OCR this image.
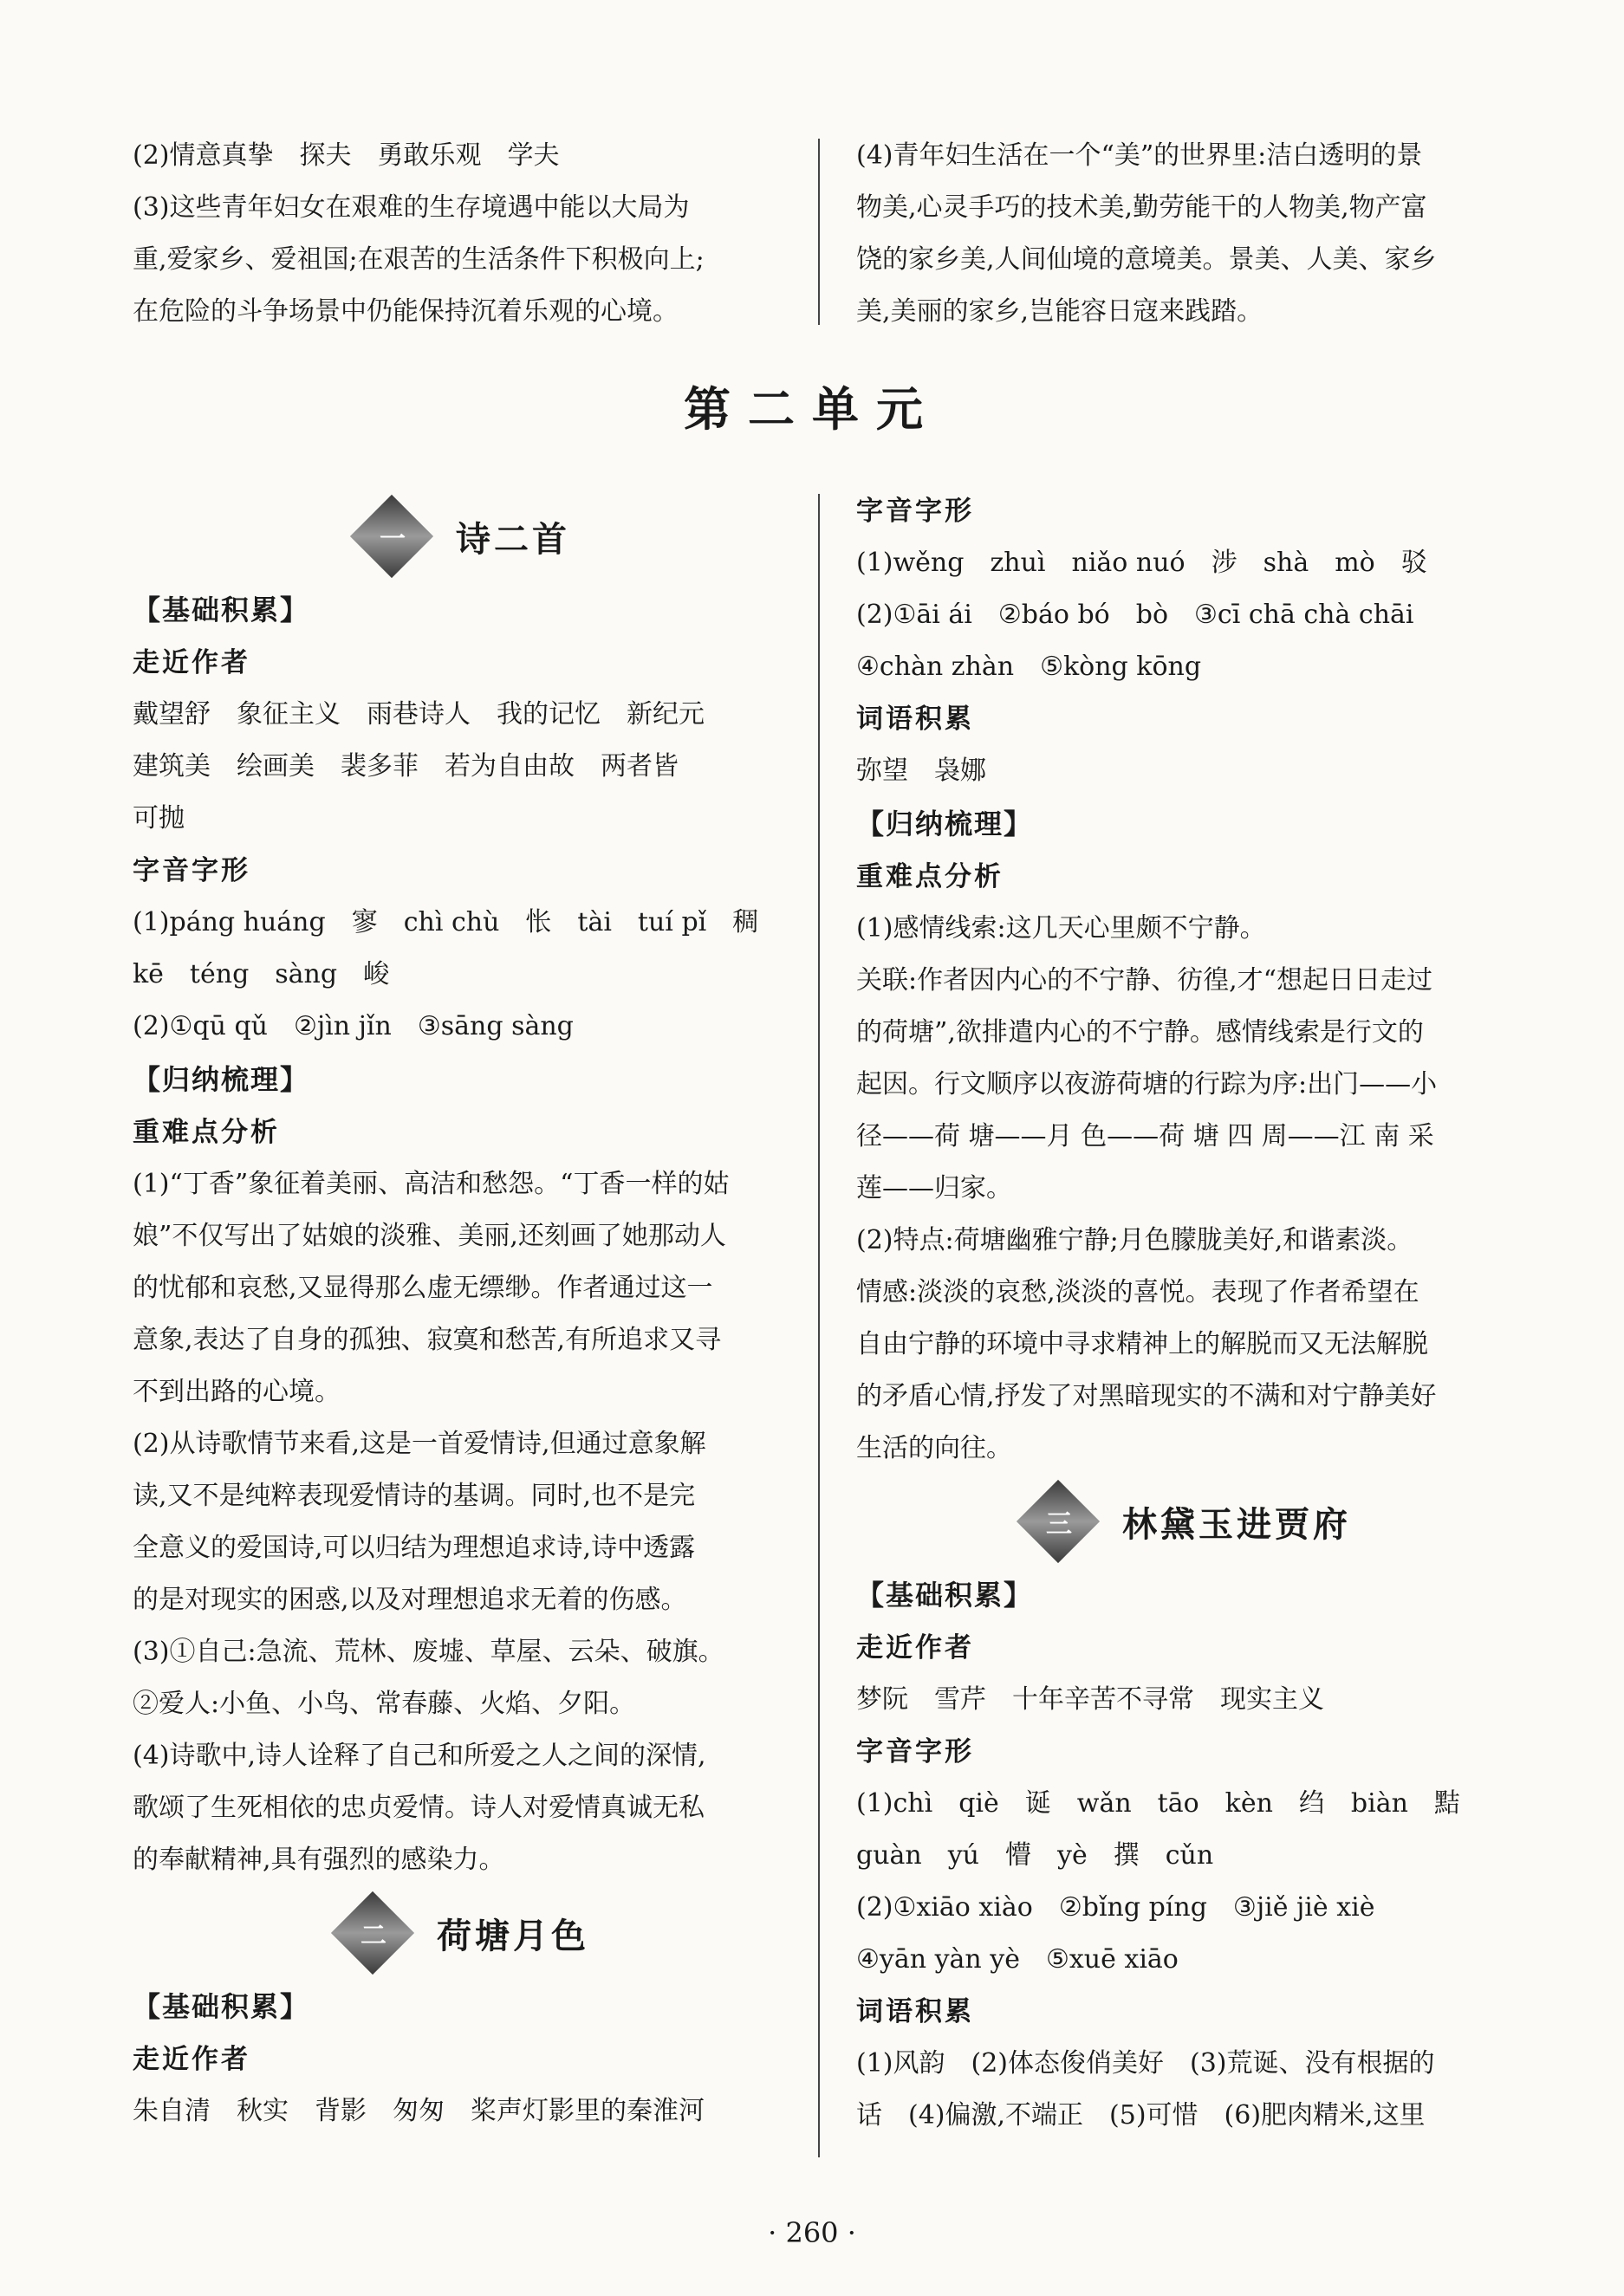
(2)情意真挚　探夫　勇敢乐观　学夫

(3)这些青年妇女在艰难的生存境遇中能以大局为

重,爱家乡、爱祖国;在艰苦的生活条件下积极向上;

在危险的斗争场景中仍能保持沉着乐观的心境。

(4)青年妇生活在一个“美”的世界里:洁白透明的景

物美,心灵手巧的技术美,勤劳能干的人物美,物产富

饶的家乡美,人间仙境的意境美。景美、人美、家乡

美,美丽的家乡,岂能容日寇来践踏。

第二单元
一 诗二首

【基础积累】

走近作者

戴望舒　象征主义　雨巷诗人　我的记忆　新纪元

建筑美　绘画美　裴多菲　若为自由故　两者皆

可抛

字音字形

(1)páng huáng　寥　chì chù　怅　tài　tuí pǐ　稠

kē　téng　sàng　峻

(2)①qū qǔ　②jìn jǐn　③sāng sàng

【归纳梳理】

重难点分析

(1)“丁香”象征着美丽、高洁和愁怨。“丁香一样的姑

娘”不仅写出了姑娘的淡雅、美丽,还刻画了她那动人

的忧郁和哀愁,又显得那么虚无缥缈。作者通过这一

意象,表达了自身的孤独、寂寞和愁苦,有所追求又寻

不到出路的心境。

(2)从诗歌情节来看,这是一首爱情诗,但通过意象解

读,又不是纯粹表现爱情诗的基调。同时,也不是完

全意义的爱国诗,可以归结为理想追求诗,诗中透露

的是对现实的困惑,以及对理想追求无着的伤感。

(3)①自己:急流、荒林、废墟、草屋、云朵、破旗。

②爱人:小鱼、小鸟、常春藤、火焰、夕阳。

(4)诗歌中,诗人诠释了自己和所爱之人之间的深情,

歌颂了生死相依的忠贞爱情。诗人对爱情真诚无私

的奉献精神,具有强烈的感染力。

二 荷塘月色

【基础积累】

走近作者

朱自清　秋实　背影　匆匆　桨声灯影里的秦淮河

字音字形

(1)wěng　zhuì　niǎo nuó　涉　shà　mò　驳

(2)①āi ái　②báo bó　bò　③cī chā chà chāi

④chàn zhàn　⑤kòng kōng

词语积累

弥望　袅娜

【归纳梳理】

重难点分析

(1)感情线索:这几天心里颇不宁静。

关联:作者因内心的不宁静、彷徨,才“想起日日走过

的荷塘”,欲排遣内心的不宁静。感情线索是行文的

起因。行文顺序以夜游荷塘的行踪为序:出门——小

径——荷 塘——月 色——荷 塘 四 周——江 南 采

莲——归家。

(2)特点:荷塘幽雅宁静;月色朦胧美好,和谐素淡。

情感:淡淡的哀愁,淡淡的喜悦。表现了作者希望在

自由宁静的环境中寻求精神上的解脱而又无法解脱

的矛盾心情,抒发了对黑暗现实的不满和对宁静美好

生活的向往。

三 林黛玉进贾府

【基础积累】

走近作者

梦阮　雪芹　十年辛苦不寻常　现实主义

字音字形

(1)chì　qiè　诞　wǎn　tāo　kèn　绉　biàn　黠

guàn　yú　懵　yè　撰　cǔn

(2)①xiāo xiào　②bǐng píng　③jiě jiè xiè

④yān yàn yè　⑤xuē xiāo

词语积累

(1)风韵　(2)体态俊俏美好　(3)荒诞、没有根据的

话　(4)偏激,不端正　(5)可惜　(6)肥肉精米,这里

· 260 ·
